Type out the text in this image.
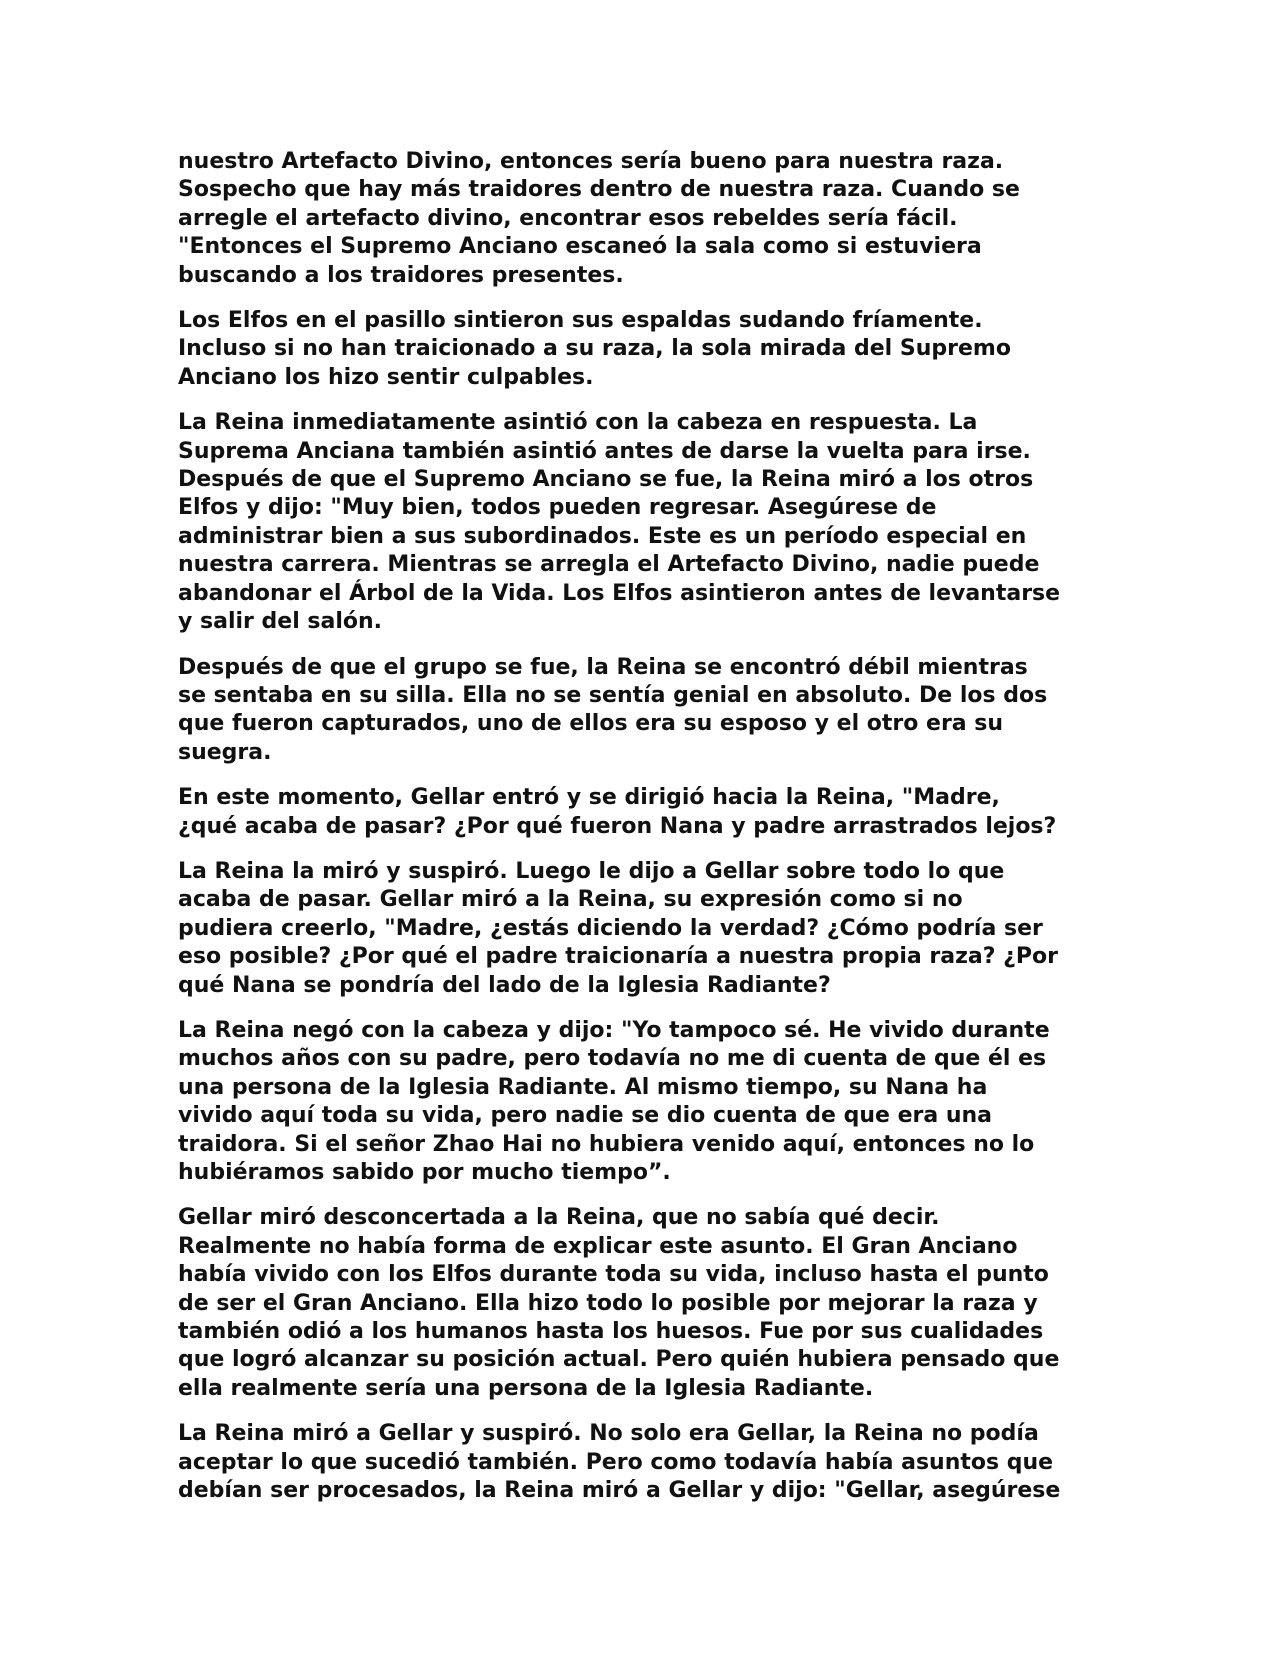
nuestro Artefacto Divino, entonces sería bueno para nuestra raza.
Sospecho que hay más traidores dentro de nuestra raza. Cuando se
arregle el artefacto divino, encontrar esos rebeldes sería fácil.
"Entonces el Supremo Anciano escaneó la sala como si estuviera
buscando a los traidores presentes.

Los Elfos en el pasillo sintieron sus espaldas sudando fríamente.
Incluso si no han traicionado a su raza, la sola mirada del Supremo
Anciano los hizo sentir culpables.

La Reina inmediatamente asintió con la cabeza en respuesta. La
Suprema Anciana también asintió antes de darse la vuelta para irse.
Después de que el Supremo Anciano se fue, la Reina miró a los otros
Elfos y dijo: "Muy bien, todos pueden regresar. Asegúrese de
administrar bien a sus subordinados. Este es un período especial en
nuestra carrera. Mientras se arregla el Artefacto Divino, nadie puede
abandonar el Árbol de la Vida. Los Elfos asintieron antes de levantarse
y salir del salón.

Después de que el grupo se fue, la Reina se encontró débil mientras
se sentaba en su silla. Ella no se sentía genial en absoluto. De los dos
que fueron capturados, uno de ellos era su esposo y el otro era su
suegra.

En este momento, Gellar entró y se dirigió hacia la Reina, "Madre,
¿qué acaba de pasar? ¿Por qué fueron Nana y padre arrastrados lejos?

La Reina la miró y suspiró. Luego le dijo a Gellar sobre todo lo que
acaba de pasar. Gellar miró a la Reina, su expresión como si no
pudiera creerlo, "Madre, ¿estás diciendo la verdad? ¿Cómo podría ser
eso posible? ¿Por qué el padre traicionaría a nuestra propia raza? ¿Por
qué Nana se pondría del lado de la Iglesia Radiante?

La Reina negó con la cabeza y dijo: "Yo tampoco sé. He vivido durante
muchos años con su padre, pero todavía no me di cuenta de que él es
una persona de la Iglesia Radiante. Al mismo tiempo, su Nana ha
vivido aquí toda su vida, pero nadie se dio cuenta de que era una
traidora. Si el señor Zhao Hai no hubiera venido aquí, entonces no lo
hubiéramos sabido por mucho tiempo”.

Gellar miró desconcertada a la Reina, que no sabía qué decir.
Realmente no había forma de explicar este asunto. El Gran Anciano
había vivido con los Elfos durante toda su vida, incluso hasta el punto
de ser el Gran Anciano. Ella hizo todo lo posible por mejorar la raza y
también odió a los humanos hasta los huesos. Fue por sus cualidades
que logró alcanzar su posición actual. Pero quién hubiera pensado que
ella realmente sería una persona de la Iglesia Radiante.

La Reina miró a Gellar y suspiró. No solo era Gellar, la Reina no podía
aceptar lo que sucedió también. Pero como todavía había asuntos que
debían ser procesados, la Reina miró a Gellar y dijo: "Gellar, asegúrese
